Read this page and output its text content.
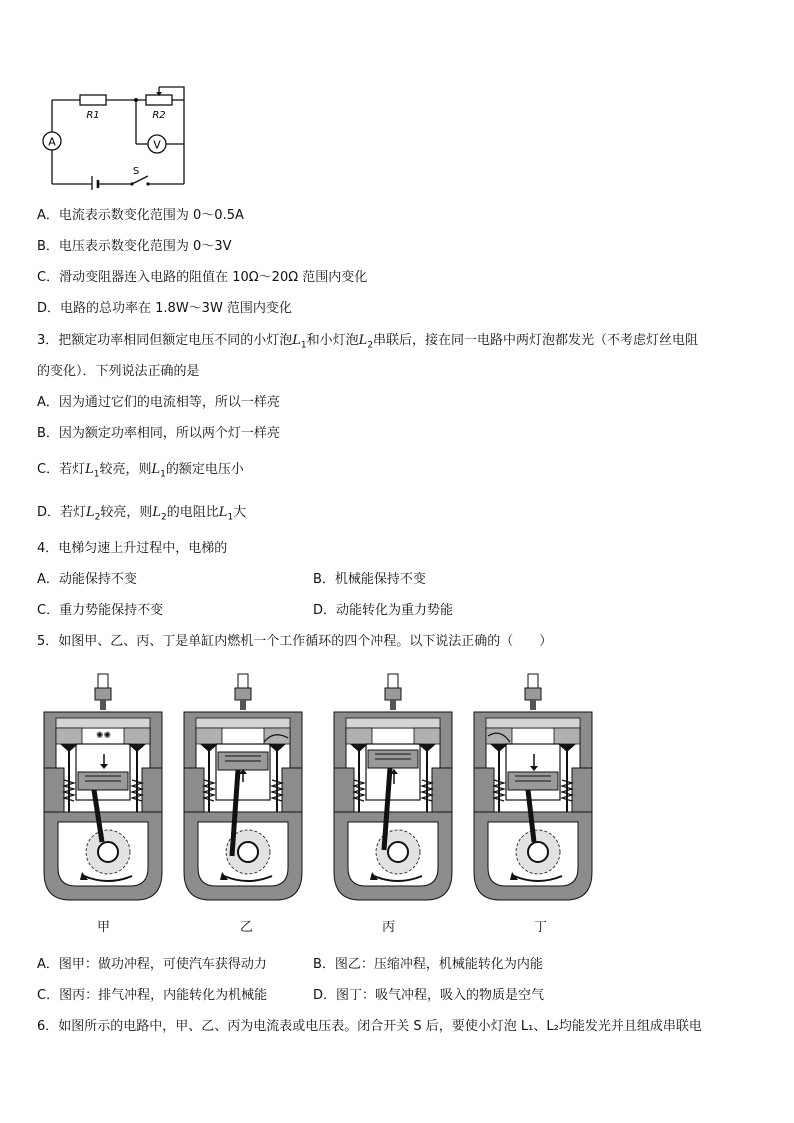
A	V
R1	R2
S
A．电流表示数变化范围为 0～0.5A
B．电压表示数变化范围为 0～3V
C．滑动变阻器连入电路的阻值在 10Ω～20Ω 范围内变化
D．电路的总功率在 1.8W～3W 范围内变化
3．把额定功率相同但额定电压不同的小灯泡$L_1$和小灯泡$L_2$串联后，接在同一电路中两灯泡都发光（不考虑灯丝电阻
的变化）．下列说法正确的是
A．因为通过它们的电流相等，所以一样亮
B．因为额定功率相同，所以两个灯一样亮
C．若灯$L_1$较亮，则$L_1$的额定电压小
D．若灯$L_2$较亮，则$L_2$的电阻比$L_1$大
4．电梯匀速上升过程中，电梯的
A．动能保持不变	B．机械能保持不变
C．重力势能保持不变	D．动能转化为重力势能
5．如图甲、乙、丙、丁是单缸内燃机一个工作循环的四个冲程。以下说法正确的（　　）
✺✺
甲	乙	丙	丁
A．图甲：做功冲程，可使汽车获得动力	B．图乙：压缩冲程，机械能转化为内能
C．图丙：排气冲程，内能转化为机械能	D．图丁：吸气冲程，吸入的物质是空气
6．如图所示的电路中，甲、乙、丙为电流表或电压表。闭合开关 S 后，要使小灯泡 L₁、L₂均能发光并且组成串联电
